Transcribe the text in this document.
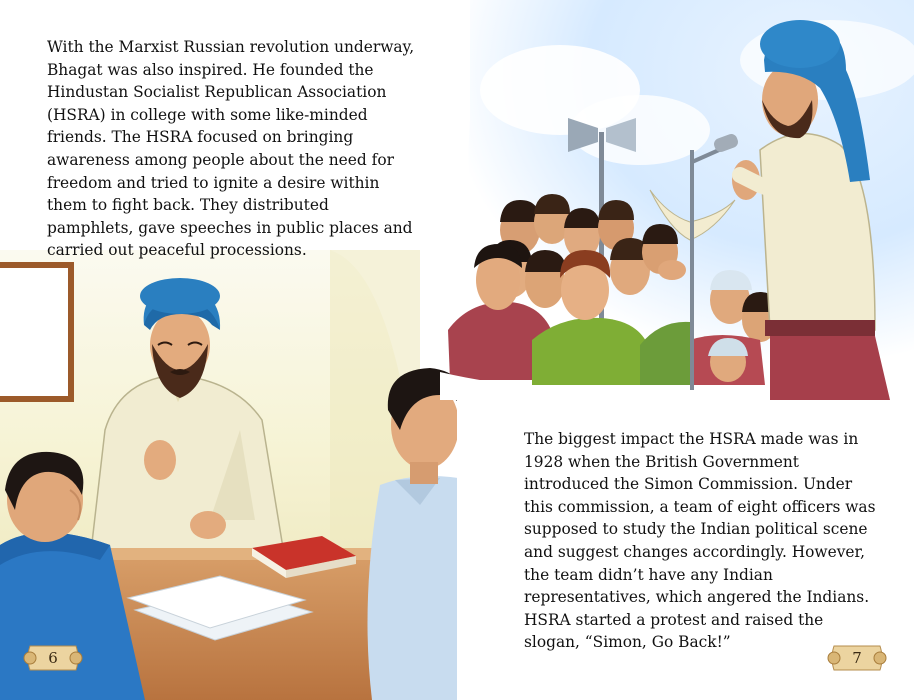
With the Marxist Russian revolution underway, Bhagat was also inspired. He founded the Hindustan Socialist Republican Association (HSRA) in college with some like-minded friends. The HSRA focused on bringing awareness among people about the need for freedom and tried to ignite a desire within them to fight back. They distributed pamphlets, gave speeches in public places and carried out peaceful processions.

The biggest impact the HSRA made was in 1928 when the British Government introduced the Simon Commission. Under this commission, a team of eight officers was supposed to study the Indian political scene and suggest changes accordingly. However, the team didn’t have any Indian representatives, which angered the Indians. HSRA started a protest and raised the slogan, “Simon, Go Back!”

6	7
